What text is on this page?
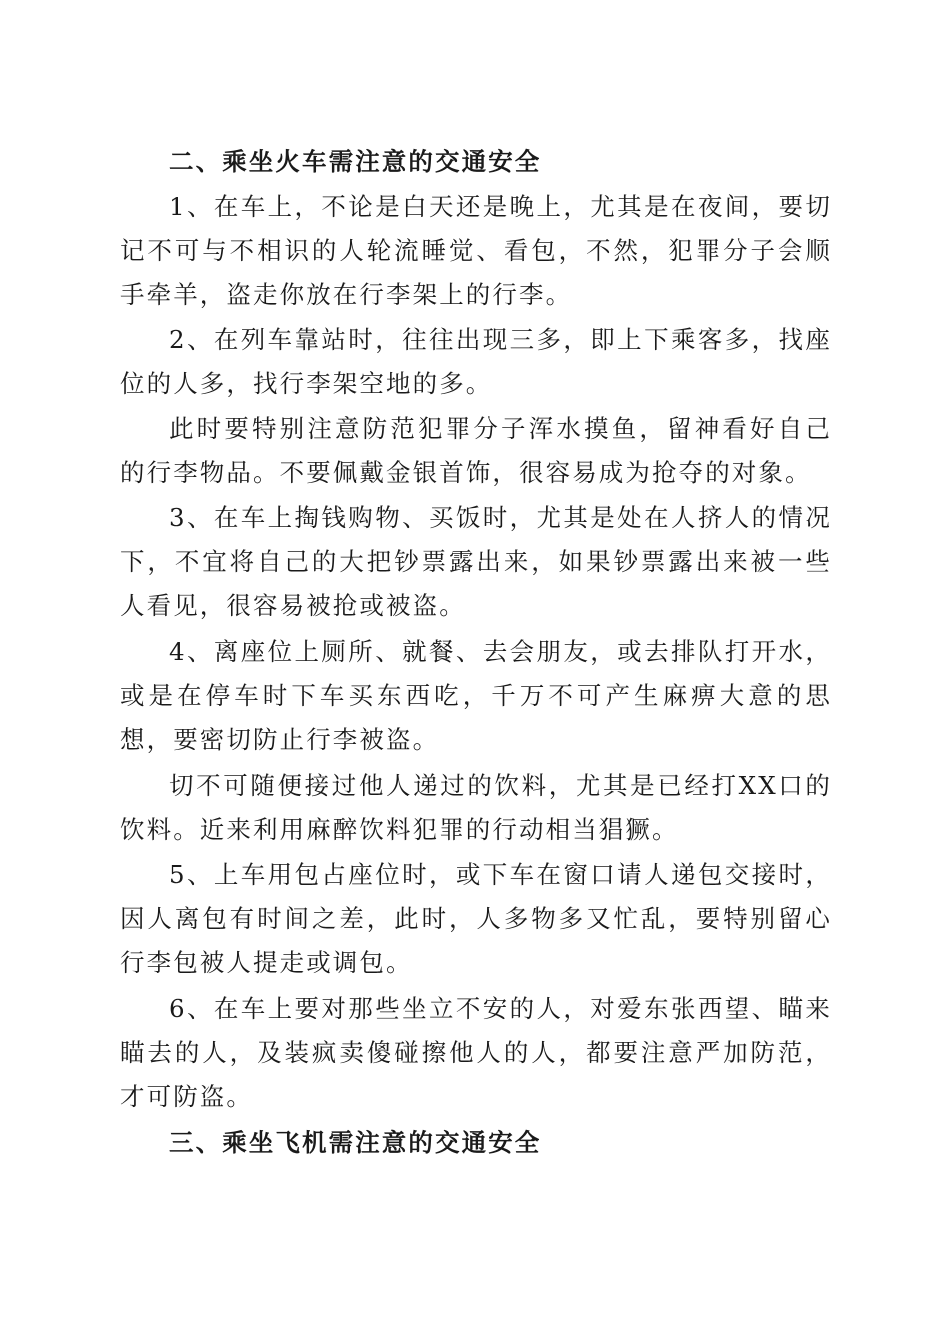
二、乘坐火车需注意的交通安全

1、在车上，不论是白天还是晚上，尤其是在夜间，要切记不可与不相识的人轮流睡觉、看包，不然，犯罪分子会顺手牵羊，盗走你放在行李架上的行李。

2、在列车靠站时，往往出现三多，即上下乘客多，找座位的人多，找行李架空地的多。

此时要特别注意防范犯罪分子浑水摸鱼，留神看好自己的行李物品。不要佩戴金银首饰，很容易成为抢夺的对象。

3、在车上掏钱购物、买饭时，尤其是处在人挤人的情况下，不宜将自己的大把钞票露出来，如果钞票露出来被一些人看见，很容易被抢或被盗。

4、离座位上厕所、就餐、去会朋友，或去排队打开水，或是在停车时下车买东西吃，千万不可产生麻痹大意的思想，要密切防止行李被盗。

切不可随便接过他人递过的饮料，尤其是已经打XX口的饮料。近来利用麻醉饮料犯罪的行动相当猖獗。

5、上车用包占座位时，或下车在窗口请人递包交接时，因人离包有时间之差，此时，人多物多又忙乱，要特别留心行李包被人提走或调包。

6、在车上要对那些坐立不安的人，对爱东张西望、瞄来瞄去的人，及装疯卖傻碰擦他人的人，都要注意严加防范，才可防盗。

三、乘坐飞机需注意的交通安全
